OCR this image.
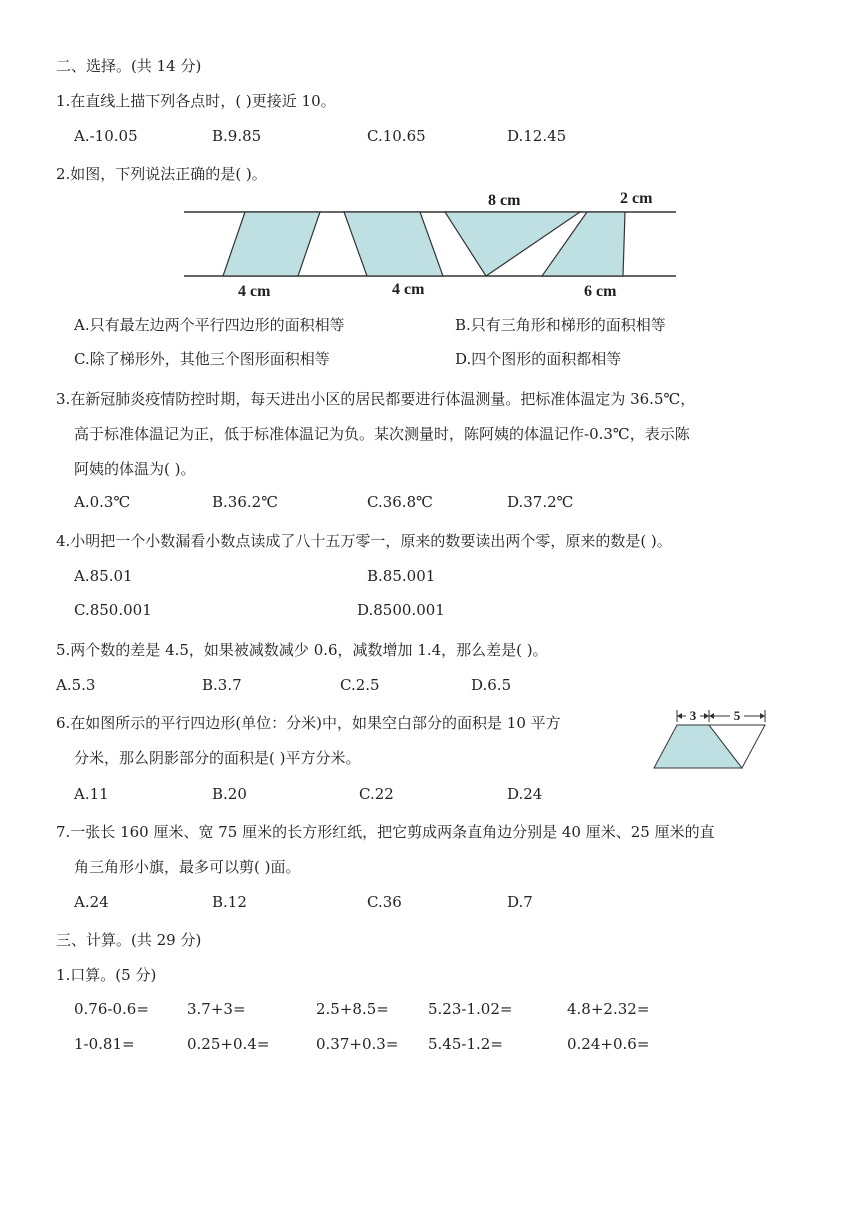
二、选择。(共 14 分)
1.在直线上描下列各点时，( )更接近 10。
A.-10.05	B.9.85	C.10.65	D.12.45
2.如图，下列说法正确的是( )。
8 cm	2 cm
4 cm	4 cm	6 cm
A.只有最左边两个平行四边形的面积相等	B.只有三角形和梯形的面积相等
C.除了梯形外，其他三个图形面积相等	D.四个图形的面积都相等
3.在新冠肺炎疫情防控时期，每天进出小区的居民都要进行体温测量。把标准体温定为 36.5℃，
高于标准体温记为正，低于标准体温记为负。某次测量时，陈阿姨的体温记作-0.3℃，表示陈
阿姨的体温为( )。
A.0.3℃	B.36.2℃	C.36.8℃	D.37.2℃
4.小明把一个小数漏看小数点读成了八十五万零一，原来的数要读出两个零，原来的数是( )。
A.85.01	B.85.001
C.850.001	D.8500.001
5.两个数的差是 4.5，如果被减数减少 0.6，减数增加 1.4，那么差是( )。
A.5.3	B.3.7	C.2.5	D.6.5
6.在如图所示的平行四边形(单位：分米)中，如果空白部分的面积是 10 平方
分米，那么阴影部分的面积是( )平方分米。
3	5
A.11	B.20	C.22	D.24
7.一张长 160 厘米、宽 75 厘米的长方形红纸，把它剪成两条直角边分别是 40 厘米、25 厘米的直
角三角形小旗，最多可以剪( )面。
A.24	B.12	C.36	D.7
三、计算。(共 29 分)
1.口算。(5 分)
0.76-0.6=	3.7+3=	2.5+8.5=	5.23-1.02=	4.8+2.32=
1-0.81=	0.25+0.4=	0.37+0.3= 5.45-1.2=	0.24+0.6=
